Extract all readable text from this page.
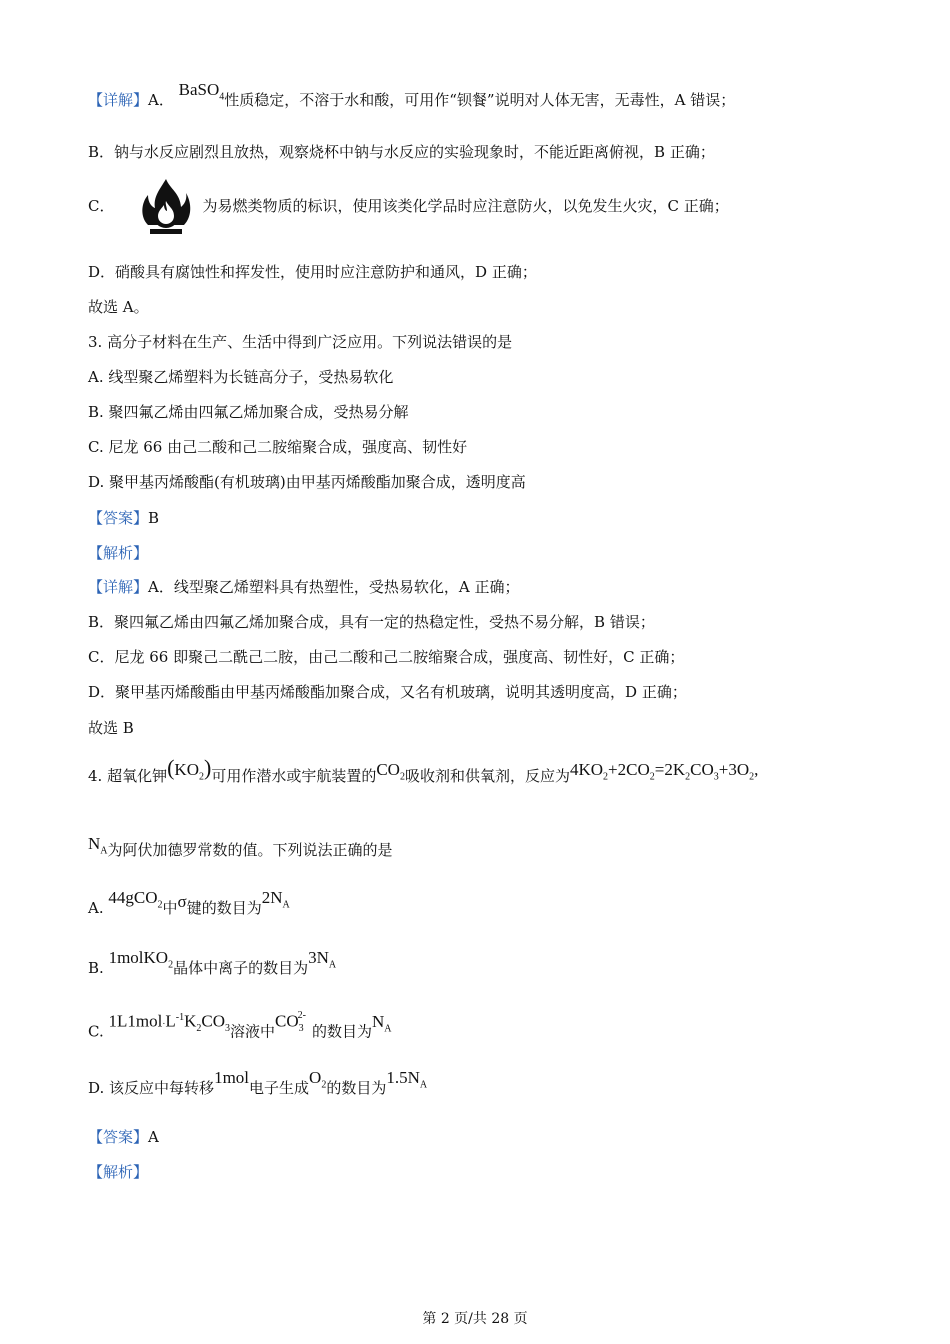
【详解】A． BaSO$_4$性质稳定，不溶于水和酸，可用作“钡餐”说明对人体无害，无毒性，A 错误；
B．钠与水反应剧烈且放热，观察烧杯中钠与水反应的实验现象时，不能近距离俯视，B 正确；
C．	为易燃类物质的标识，使用该类化学品时应注意防火，以免发生火灾，C 正确；
D．硝酸具有腐蚀性和挥发性，使用时应注意防护和通风，D 正确；
故选 A。
3. 高分子材料在生产、生活中得到广泛应用。下列说法错误的是
A. 线型聚乙烯塑料为长链高分子，受热易软化
B. 聚四氟乙烯由四氟乙烯加聚合成，受热易分解
C. 尼龙 66 由己二酸和己二胺缩聚合成，强度高、韧性好
D. 聚甲基丙烯酸酯(有机玻璃)由甲基丙烯酸酯加聚合成，透明度高
【答案】B
【解析】
【详解】A．线型聚乙烯塑料具有热塑性，受热易软化，A 正确；
B．聚四氟乙烯由四氟乙烯加聚合成，具有一定的热稳定性，受热不易分解，B 错误；
C．尼龙 66 即聚己二酰己二胺，由己二酸和己二胺缩聚合成，强度高、韧性好，C 正确；
D．聚甲基丙烯酸酯由甲基丙烯酸酯加聚合成，又名有机玻璃，说明其透明度高，D 正确；
故选 B
4. 超氧化钾$(KO_2)$可用作潜水或宇航装置的$CO_2$吸收剂和供氧剂，反应为$4KO_2+2CO_2=2K_2CO_3+3O_2$,
$N_A$为阿伏加德罗常数的值。下列说法正确的是
A. 44gCO$_2$中σ键的数目为$2N_A$
B. 1molKO$_2$晶体中离子的数目为$3N_A$
C. $1L1mol\cdot L^{-1}K_2CO_3$溶液中$CO_3^{2-}$的数目为$N_A$
D. 该反应中每转移1mol电子生成$O_2$的数目为$1.5N_A$
【答案】A
【解析】
第 2 页/共 28 页
